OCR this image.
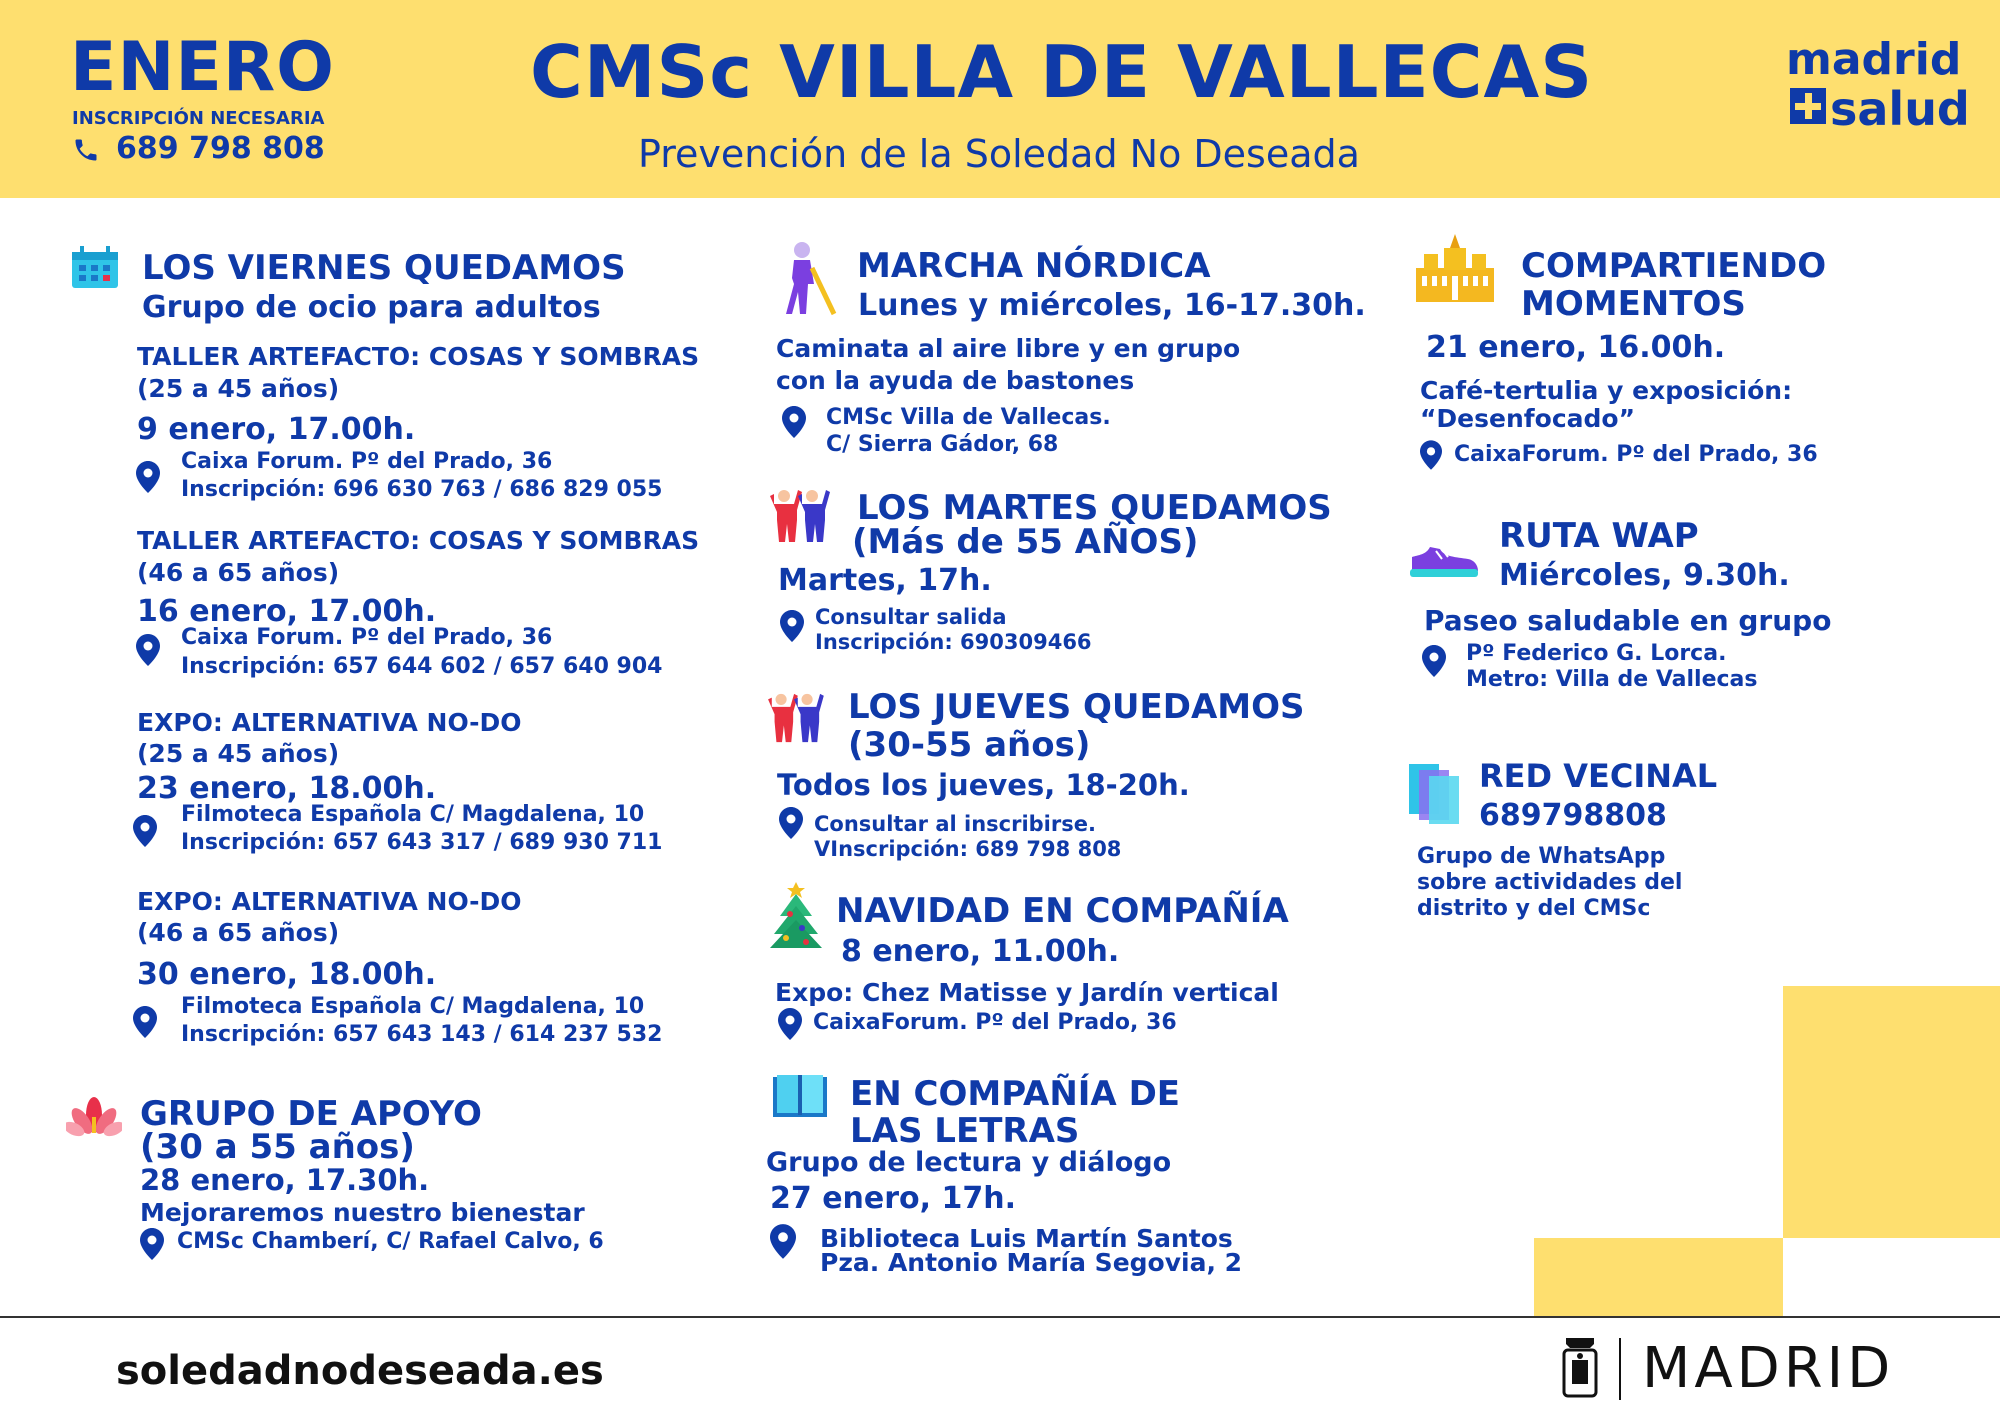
ENERO
INSCRIPCIÓN NECESARIA
689 798 808
CMSc VILLA DE VALLECAS
Prevención de la Soledad No Deseada
madrid
salud
LOS VIERNES QUEDAMOS
Grupo de ocio para adultos
TALLER ARTEFACTO: COSAS Y SOMBRAS
(25 a 45 años)
9 enero, 17.00h.
Caixa Forum. Pº del Prado, 36
Inscripción: 696 630 763 / 686 829 055
TALLER ARTEFACTO: COSAS Y SOMBRAS
(46 a 65 años)
16 enero, 17.00h.
Caixa Forum. Pº del Prado, 36
Inscripción: 657 644 602 / 657 640 904
EXPO: ALTERNATIVA NO-DO
(25 a 45 años)
23 enero, 18.00h.
Filmoteca Española C/ Magdalena, 10
Inscripción: 657 643 317 / 689 930 711
EXPO: ALTERNATIVA NO-DO
(46 a 65 años)
30 enero, 18.00h.
Filmoteca Española C/ Magdalena, 10
Inscripción: 657 643 143 / 614 237 532
GRUPO DE APOYO
(30 a 55 años)
28 enero, 17.30h.
Mejoraremos nuestro bienestar
CMSc Chamberí, C/ Rafael Calvo, 6
MARCHA NÓRDICA
Lunes y miércoles, 16-17.30h.
Caminata al aire libre y en grupo
con la ayuda de bastones
CMSc Villa de Vallecas.
C/ Sierra Gádor, 68
LOS MARTES QUEDAMOS
(Más de 55 AÑOS)
Martes, 17h.
Consultar salida
Inscripción: 690309466
LOS JUEVES QUEDAMOS
(30-55 años)
Todos los jueves, 18-20h.
Consultar al inscribirse.
VInscripción: 689 798 808
NAVIDAD EN COMPAÑÍA
8 enero, 11.00h.
Expo: Chez Matisse y Jardín vertical
CaixaForum. Pº del Prado, 36
EN COMPAÑÍA DE
LAS LETRAS
Grupo de lectura y diálogo
27 enero, 17h.
Biblioteca Luis Martín Santos
Pza. Antonio María Segovia, 2
COMPARTIENDO
MOMENTOS
21 enero, 16.00h.
Café-tertulia y exposición:
“Desenfocado”
CaixaForum. Pº del Prado, 36
RUTA WAP
Miércoles, 9.30h.
Paseo saludable en grupo
Pº Federico G. Lorca.
Metro: Villa de Vallecas
RED VECINAL
689798808
Grupo de WhatsApp
sobre actividades del
distrito y del CMSc
soledadnodeseada.es	MADRID
